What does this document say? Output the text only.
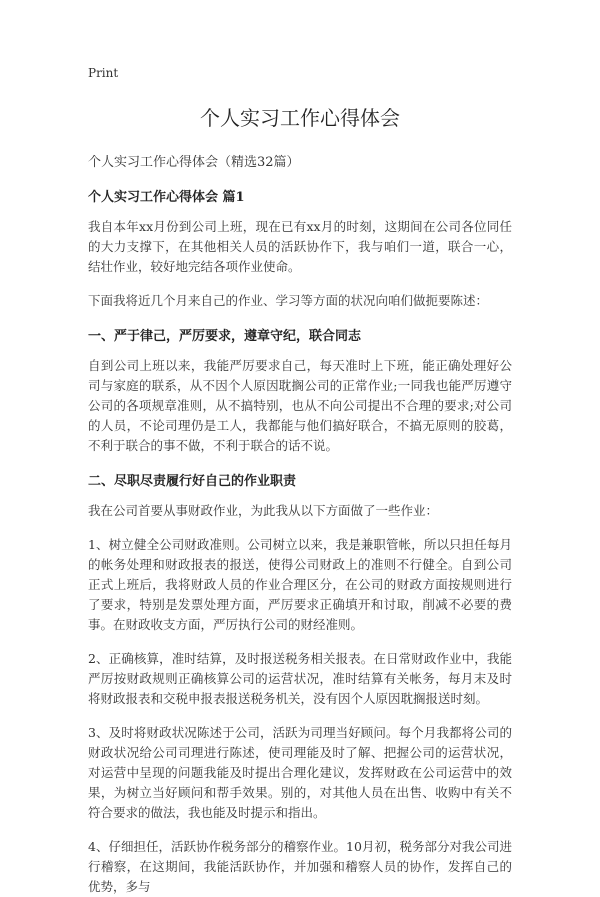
Print
个人实习工作心得体会

个人实习工作心得体会（精选32篇）

个人实习工作心得体会 篇1

我自本年xx月份到公司上班，现在已有xx月的时刻，这期间在公司各位同任的大力支撑下，在其他相关人员的活跃协作下，我与咱们一道，联合一心，结壮作业，较好地完结各项作业使命。

下面我将近几个月来自己的作业、学习等方面的状况向咱们做扼要陈述：

一、严于律己，严厉要求，遵章守纪，联合同志

自到公司上班以来，我能严厉要求自己，每天准时上下班，能正确处理好公司与家庭的联系，从不因个人原因耽搁公司的正常作业;一同我也能严厉遵守公司的各项规章准则，从不搞特别，也从不向公司提出不合理的要求;对公司的人员，不论司理仍是工人，我都能与他们搞好联合，不搞无原则的胶葛，不利于联合的事不做，不利于联合的话不说。

二、尽职尽责履行好自己的作业职责

我在公司首要从事财政作业，为此我从以下方面做了一些作业：

1、树立健全公司财政准则。公司树立以来，我是兼职管帐，所以只担任每月的帐务处理和财政报表的报送，使得公司财政上的准则不行健全。自到公司正式上班后，我将财政人员的作业合理区分，在公司的财政方面按规则进行了要求，特别是发票处理方面，严厉要求正确填开和讨取，削减不必要的费事。在财政收支方面，严厉执行公司的财经准则。

2、正确核算，准时结算，及时报送税务相关报表。在日常财政作业中，我能严厉按财政规则正确核算公司的运营状况，准时结算有关帐务，每月末及时将财政报表和交税申报表报送税务机关，没有因个人原因耽搁报送时刻。

3、及时将财政状况陈述于公司，活跃为司理当好顾问。每个月我都将公司的财政状况给公司司理进行陈述，使司理能及时了解、把握公司的运营状况，对运营中呈现的问题我能及时提出合理化建议，发挥财政在公司运营中的效果，为树立当好顾问和帮手效果。别的，对其他人员在出售、收购中有关不符合要求的做法，我也能及时提示和指出。

4、仔细担任，活跃协作税务部分的稽察作业。10月初，税务部分对我公司进行稽察，在这期间，我能活跃协作，并加强和稽察人员的协作，发挥自己的优势，多与
